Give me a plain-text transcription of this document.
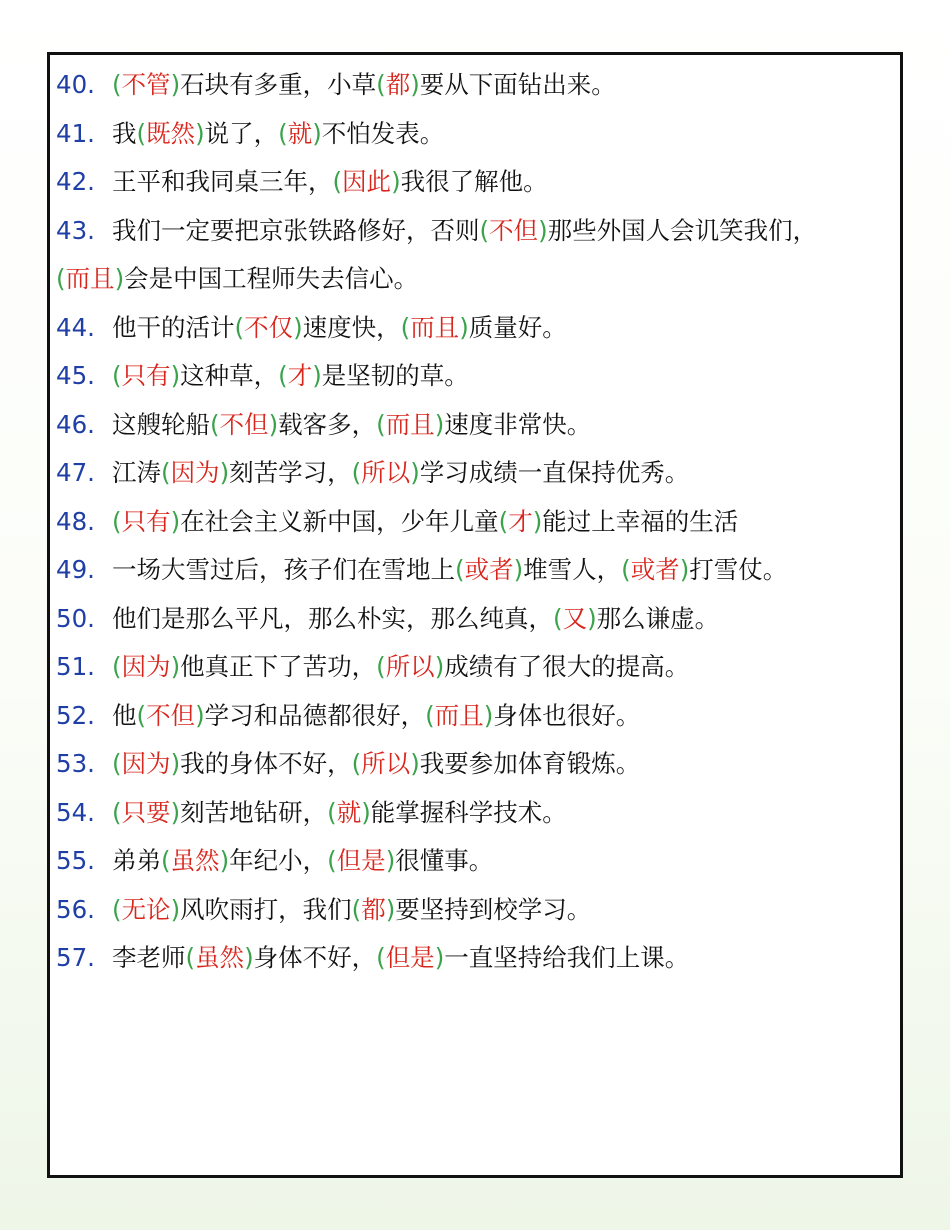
40. (不管)石块有多重，小草(都)要从下面钻出来。
41. 我(既然)说了，(就)不怕发表。
42. 王平和我同桌三年，(因此)我很了解他。
43. 我们一定要把京张铁路修好，否则(不但)那些外国人会讥笑我们，
(而且)会是中国工程师失去信心。
44. 他干的活计(不仅)速度快，(而且)质量好。
45. (只有)这种草，(才)是坚韧的草。
46. 这艘轮船(不但)载客多，(而且)速度非常快。
47. 江涛(因为)刻苦学习，(所以)学习成绩一直保持优秀。
48. (只有)在社会主义新中国，少年儿童(才)能过上幸福的生活
49. 一场大雪过后，孩子们在雪地上(或者)堆雪人，(或者)打雪仗。
50. 他们是那么平凡，那么朴实，那么纯真，(又)那么谦虚。
51. (因为)他真正下了苦功，(所以)成绩有了很大的提高。
52. 他(不但)学习和品德都很好，(而且)身体也很好。
53. (因为)我的身体不好，(所以)我要参加体育锻炼。
54. (只要)刻苦地钻研，(就)能掌握科学技术。
55. 弟弟(虽然)年纪小，(但是)很懂事。
56. (无论)风吹雨打，我们(都)要坚持到校学习。
57. 李老师(虽然)身体不好，(但是)一直坚持给我们上课。
